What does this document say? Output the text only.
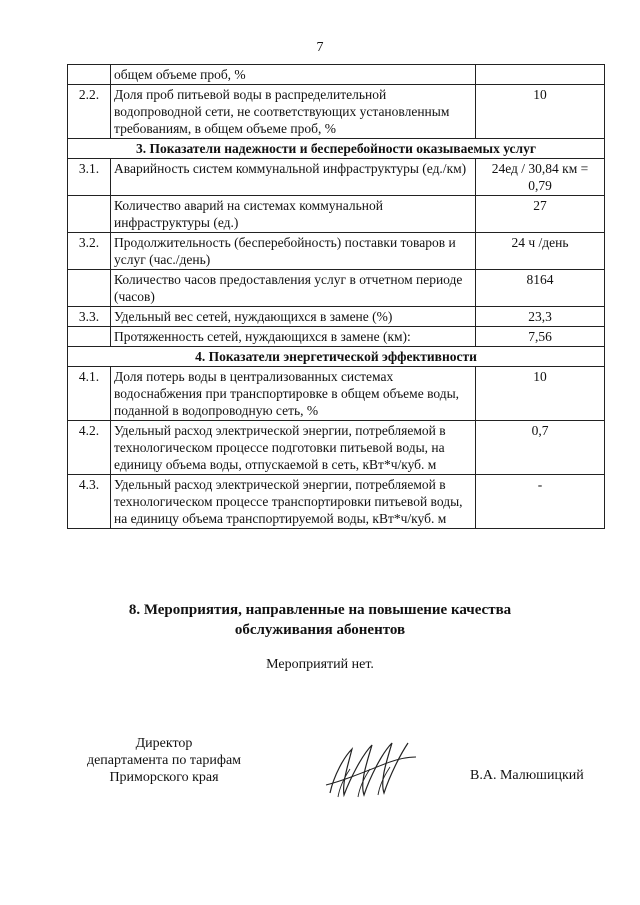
7
	общем объеме проб, %	
2.2.	Доля проб питьевой воды в распределительной водопроводной сети, не соответствующих установленным требованиям, в общем объеме проб, %	10
3. Показатели надежности и бесперебойности оказываемых услуг		
3.1.	Аварийность систем коммунальной инфраструктуры (ед./км)	24ед / 30,84 км = 0,79
	Количество аварий на системах коммунальной инфраструктуры (ед.)	27
3.2.	Продолжительность (бесперебойность) поставки товаров и услуг (час./день)	24 ч /день
	Количество часов предоставления услуг в отчетном периоде (часов)	8164
3.3.	Удельный вес сетей, нуждающихся в замене (%)	23,3
	Протяженность сетей, нуждающихся в замене (км):	7,56
4. Показатели энергетической эффективности		
4.1.	Доля потерь воды в централизованных системах водоснабжения при транспортировке в общем объеме воды, поданной в водопроводную сеть, %	10
4.2.	Удельный расход электрической энергии, потребляемой в технологическом процессе подготовки питьевой воды, на единицу объема воды, отпускаемой в сеть, кВт*ч/куб. м	0,7
4.3.	Удельный расход электрической энергии, потребляемой в технологическом процессе транспортировки питьевой воды, на единицу объема транспортируемой воды, кВт*ч/куб. м	-
8. Мероприятия, направленные на повышение качества
обслуживания абонентов
Мероприятий нет.
Директор
департамента по тарифам
Приморского края	В.А. Малюшицкий
